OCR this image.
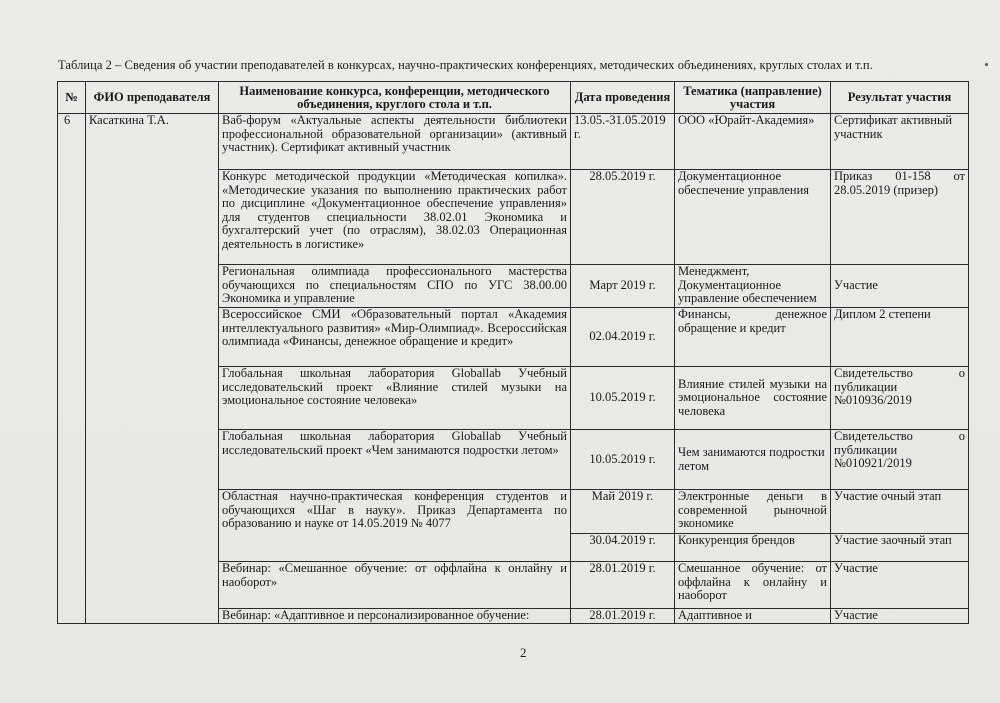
Таблица 2 – Сведения об участии преподавателей в конкурсах, научно-практических конференциях, методических объединениях, круглых столах и т.п.
№	ФИО преподавателя	Наименование конкурса, конференции, методического объединения, круглого стола и т.п.	Дата проведения	Тематика (направление) участия	Результат участия
6	Касаткина Т.А.	Ваб-форум «Актуальные аспекты деятельности библиотеки профессиональной образовательной организации» (активный участник). Сертификат активный участник	13.05.-31.05.2019 г.	ООО «Юрайт-Академия»	Сертификат активный участник
		Конкурс методической продукции «Методическая копилка». «Методические указания по выполнению практических работ по дисциплине «Документационное обеспечение управления» для студентов специальности 38.02.01 Экономика и бухгалтерский учет (по отраслям), 38.02.03 Операционная деятельность в логистике»	28.05.2019 г.	Документационное обеспечение управления	Приказ 01-158 от 28.05.2019 (призер)
		Региональная олимпиада профессионального мастерства обучающихся по специальностям СПО по УГС 38.00.00 Экономика и управление	Март 2019 г.	Менеджмент, Документационное управление обеспечением	Участие
		Всероссийское СМИ «Образовательный портал «Академия интеллектуального развития» «Мир-Олимпиад». Всероссийская олимпиада «Финансы, денежное обращение и кредит»	02.04.2019 г.	Финансы, денежное обращение и кредит	Диплом 2 степени
		Глобальная школьная лаборатория Globallab Учебный исследовательский проект «Влияние стилей музыки на эмоциональное состояние человека»	10.05.2019 г.	Влияние стилей музыки на эмоциональное состояние человека	Свидетельство о публикации №010936/2019
		Глобальная школьная лаборатория Globallab Учебный исследовательский проект «Чем занимаются подростки летом»	10.05.2019 г.	Чем занимаются подростки летом	Свидетельство о публикации №010921/2019
		Областная научно-практическая конференция студентов и обучающихся «Шаг в науку». Приказ Департамента по образованию и науке от 14.05.2019 № 4077	Май 2019 г.	Электронные деньги в современной рыночной экономике	Участие очный этап
			30.04.2019 г.	Конкуренция брендов	Участие заочный этап
		Вебинар: «Смешанное обучение: от оффлайна к онлайну и наоборот»	28.01.2019 г.	Смешанное обучение: от оффлайна к онлайну и наоборот	Участие
		Вебинар: «Адаптивное и персонализированное обучение:	28.01.2019 г.	Адаптивное и	Участие
2
